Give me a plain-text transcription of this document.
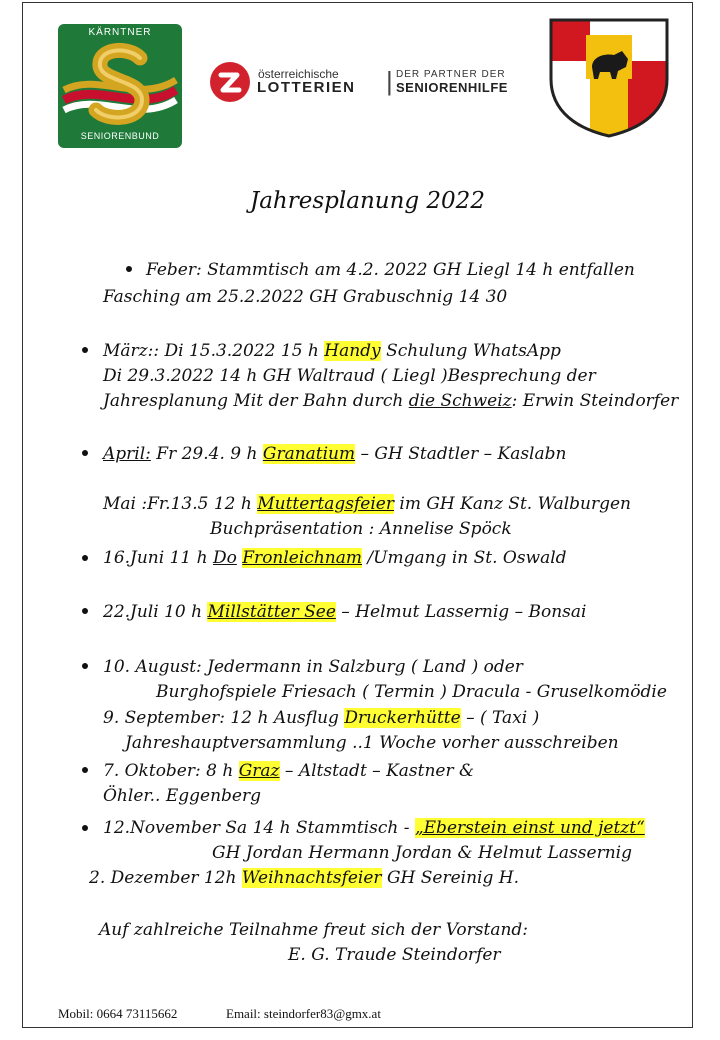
KÄRNTNER
SENIORENBUND
österreichische
LOTTERIEN | DER PARTNER DER
SENIORENHILFE
Jahresplanung 2022
Feber: Stammtisch am 4.2. 2022 GH Liegl 14 h entfallen
Fasching am 25.2.2022 GH Grabuschnig 14 30
März:: Di 15.3.2022 15 h Handy Schulung WhatsApp
Di 29.3.2022 14 h GH Waltraud ( Liegl )Besprechung der
Jahresplanung Mit der Bahn durch die Schweiz: Erwin Steindorfer
April: Fr 29.4. 9 h Granatium – GH Stadtler – Kaslabn
Mai :Fr.13.5 12 h Muttertagsfeier im GH Kanz St. Walburgen
Buchpräsentation : Annelise Spöck
16.Juni 11 h Do Fronleichnam /Umgang in St. Oswald
22.Juli 10 h Millstätter See – Helmut Lassernig – Bonsai
10. August: Jedermann in Salzburg ( Land ) oder
Burghofspiele Friesach ( Termin ) Dracula - Gruselkomödie
9. September: 12 h Ausflug Druckerhütte – ( Taxi )
Jahreshauptversammlung ..1 Woche vorher ausschreiben
7. Oktober: 8 h Graz – Altstadt – Kastner &
Öhler.. Eggenberg
12.November Sa 14 h Stammtisch - „Eberstein einst und jetzt“
GH Jordan Hermann Jordan & Helmut Lassernig
2. Dezember 12h Weihnachtsfeier GH Sereinig H.
Auf zahlreiche Teilnahme freut sich der Vorstand:
E. G. Traude Steindorfer
Mobil: 0664 73115662	Email: steindorfer83@gmx.at
